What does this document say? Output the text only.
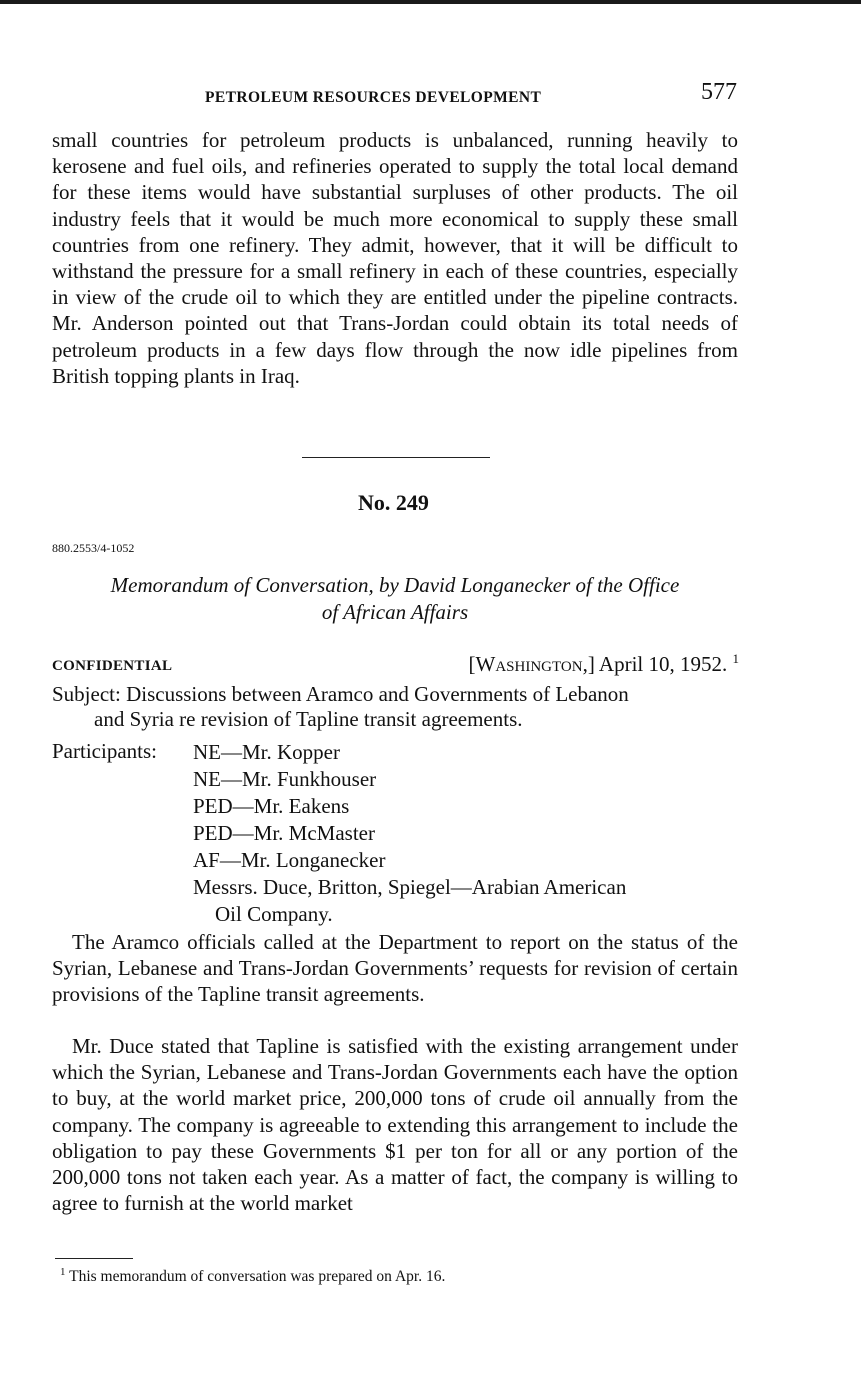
PETROLEUM RESOURCES DEVELOPMENT	577

small countries for petroleum products is unbalanced, running heavily to kerosene and fuel oils, and refineries operated to supply the total local demand for these items would have substantial surpluses of other products. The oil industry feels that it would be much more economical to supply these small countries from one refinery. They admit, however, that it will be difficult to withstand the pressure for a small refinery in each of these countries, especially in view of the crude oil to which they are entitled under the pipeline contracts. Mr. Anderson pointed out that Trans-Jordan could obtain its total needs of petroleum products in a few days flow through the now idle pipelines from British topping plants in Iraq.

No. 249
880.2553/4-1052
Memorandum of Conversation, by David Longanecker of the Office
of African Affairs
CONFIDENTIAL	[Washington,] April 10, 1952. $^1$
Subject: Discussions between Aramco and Governments of Lebanon
and Syria re revision of Tapline transit agreements.
Participants: NE—Mr. Kopper
NE—Mr. Funkhouser
PED—Mr. Eakens
PED—Mr. McMaster
AF—Mr. Longanecker
Messrs. Duce, Britton, Spiegel—Arabian American
Oil Company.

The Aramco officials called at the Department to report on the status of the Syrian, Lebanese and Trans-Jordan Governments’ requests for revision of certain provisions of the Tapline transit agreements.

Mr. Duce stated that Tapline is satisfied with the existing arrangement under which the Syrian, Lebanese and Trans-Jordan Governments each have the option to buy, at the world market price, 200,000 tons of crude oil annually from the company. The company is agreeable to extending this arrangement to include the obligation to pay these Governments $1 per ton for all or any portion of the 200,000 tons not taken each year. As a matter of fact, the company is willing to agree to furnish at the world market

$^1$ This memorandum of conversation was prepared on Apr. 16.
